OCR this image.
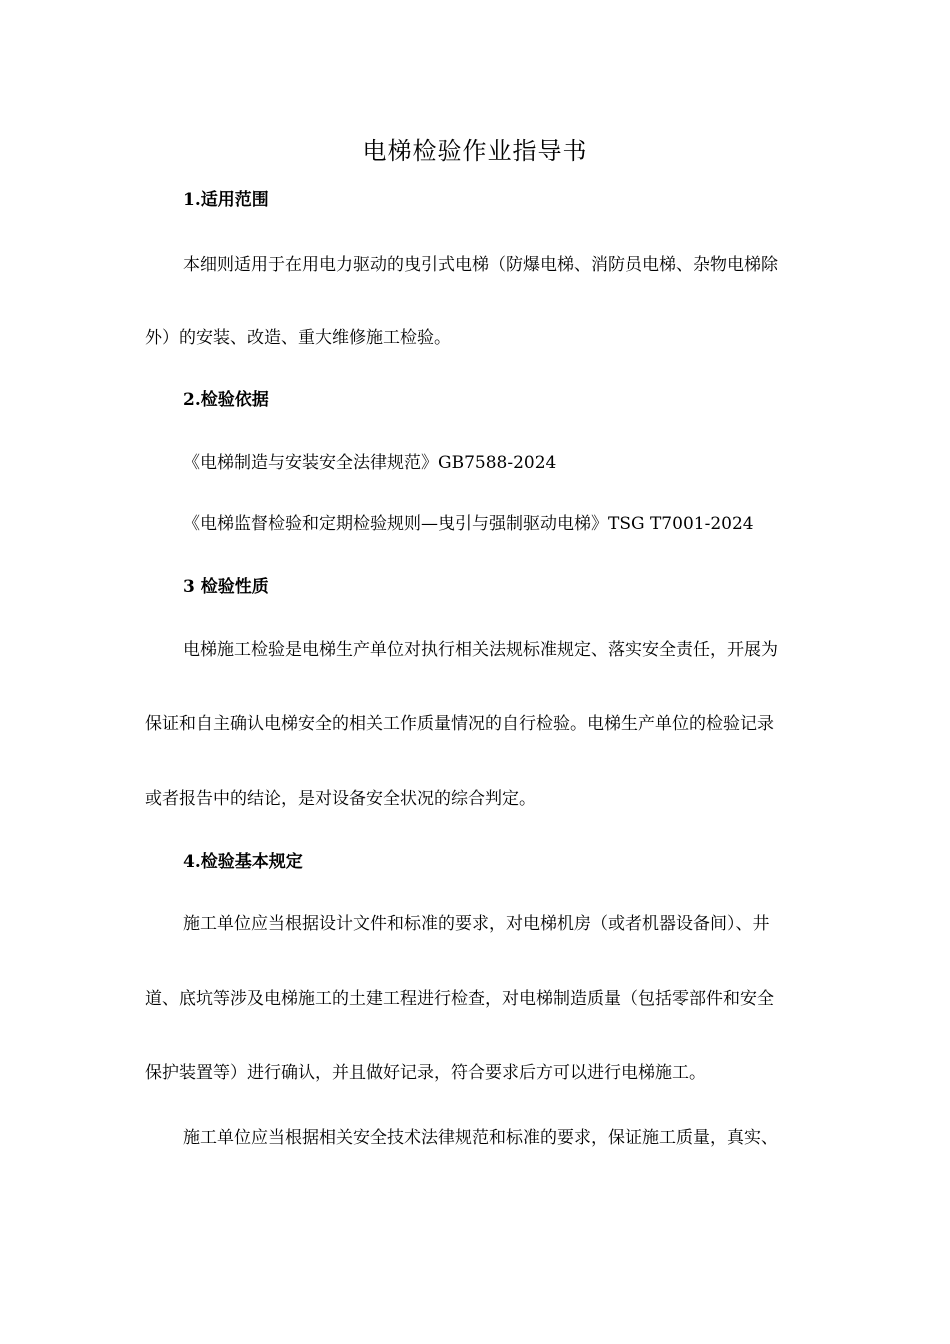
电梯检验作业指导书
1.适用范围
本细则适用于在用电力驱动的曳引式电梯（防爆电梯、消防员电梯、杂物电梯除
外）的安装、改造、重大维修施工检验。
2.检验依据
《电梯制造与安装安全法律规范》GB7588-2024
《电梯监督检验和定期检验规则—曳引与强制驱动电梯》TSG T7001-2024
3 检验性质
电梯施工检验是电梯生产单位对执行相关法规标准规定、落实安全责任，开展为
保证和自主确认电梯安全的相关工作质量情况的自行检验。电梯生产单位的检验记录
或者报告中的结论，是对设备安全状况的综合判定。
4.检验基本规定
施工单位应当根据设计文件和标准的要求，对电梯机房（或者机器设备间）、井
道、底坑等涉及电梯施工的土建工程进行检查，对电梯制造质量（包括零部件和安全
保护装置等）进行确认，并且做好记录，符合要求后方可以进行电梯施工。
施工单位应当根据相关安全技术法律规范和标准的要求，保证施工质量，真实、
